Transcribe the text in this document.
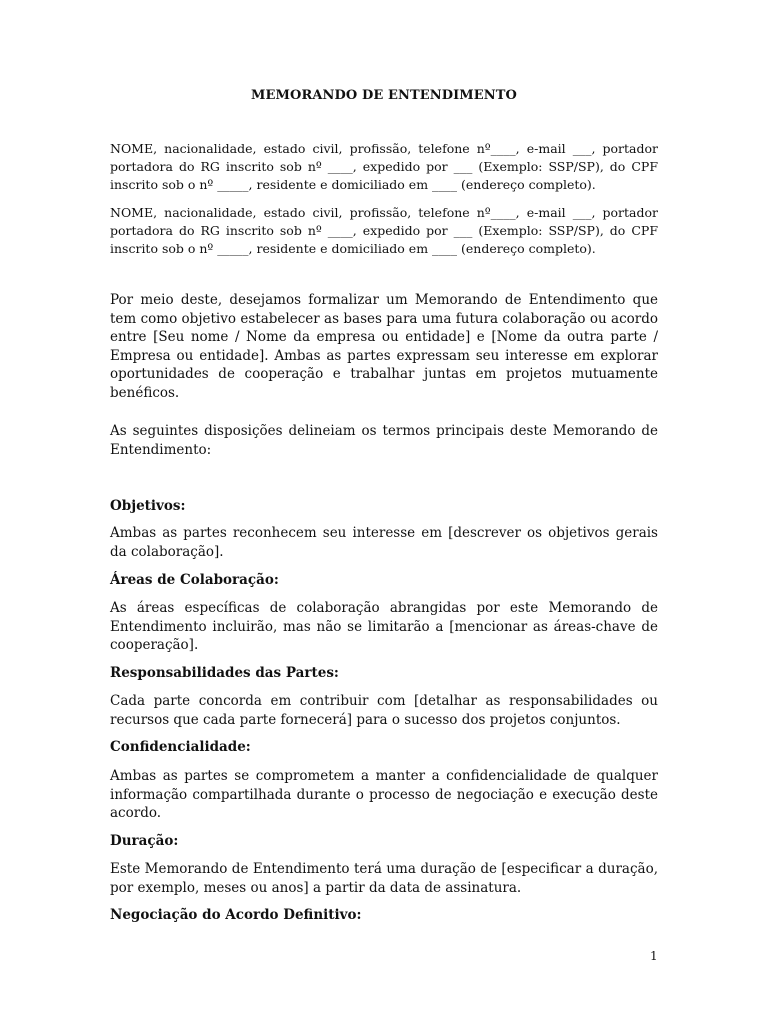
MEMORANDO DE ENTENDIMENTO
NOME, nacionalidade, estado civil, profissão, telefone nº____, e-mail ___, portador portadora do RG inscrito sob nº ____, expedido por ___ (Exemplo: SSP/SP), do CPF inscrito sob o nº _____, residente e domiciliado em ____ (endereço completo).
NOME, nacionalidade, estado civil, profissão, telefone nº____, e-mail ___, portador portadora do RG inscrito sob nº ____, expedido por ___ (Exemplo: SSP/SP), do CPF inscrito sob o nº _____, residente e domiciliado em ____ (endereço completo).

Por meio deste, desejamos formalizar um Memorando de Entendimento que tem como objetivo estabelecer as bases para uma futura colaboração ou acordo entre [Seu nome / Nome da empresa ou entidade] e [Nome da outra parte / Empresa ou entidade]. Ambas as partes expressam seu interesse em explorar oportunidades de cooperação e trabalhar juntas em projetos mutuamente benéficos.

As seguintes disposições delineiam os termos principais deste Memorando de Entendimento:

Objetivos:

Ambas as partes reconhecem seu interesse em [descrever os objetivos gerais da colaboração].

Áreas de Colaboração:

As áreas específicas de colaboração abrangidas por este Memorando de Entendimento incluirão, mas não se limitarão a [mencionar as áreas-chave de cooperação].

Responsabilidades das Partes:

Cada parte concorda em contribuir com [detalhar as responsabilidades ou recursos que cada parte fornecerá] para o sucesso dos projetos conjuntos.

Confidencialidade:

Ambas as partes se comprometem a manter a confidencialidade de qualquer informação compartilhada durante o processo de negociação e execução deste acordo.

Duração:

Este Memorando de Entendimento terá uma duração de [especificar a duração, por exemplo, meses ou anos] a partir da data de assinatura.

Negociação do Acordo Definitivo:
1
